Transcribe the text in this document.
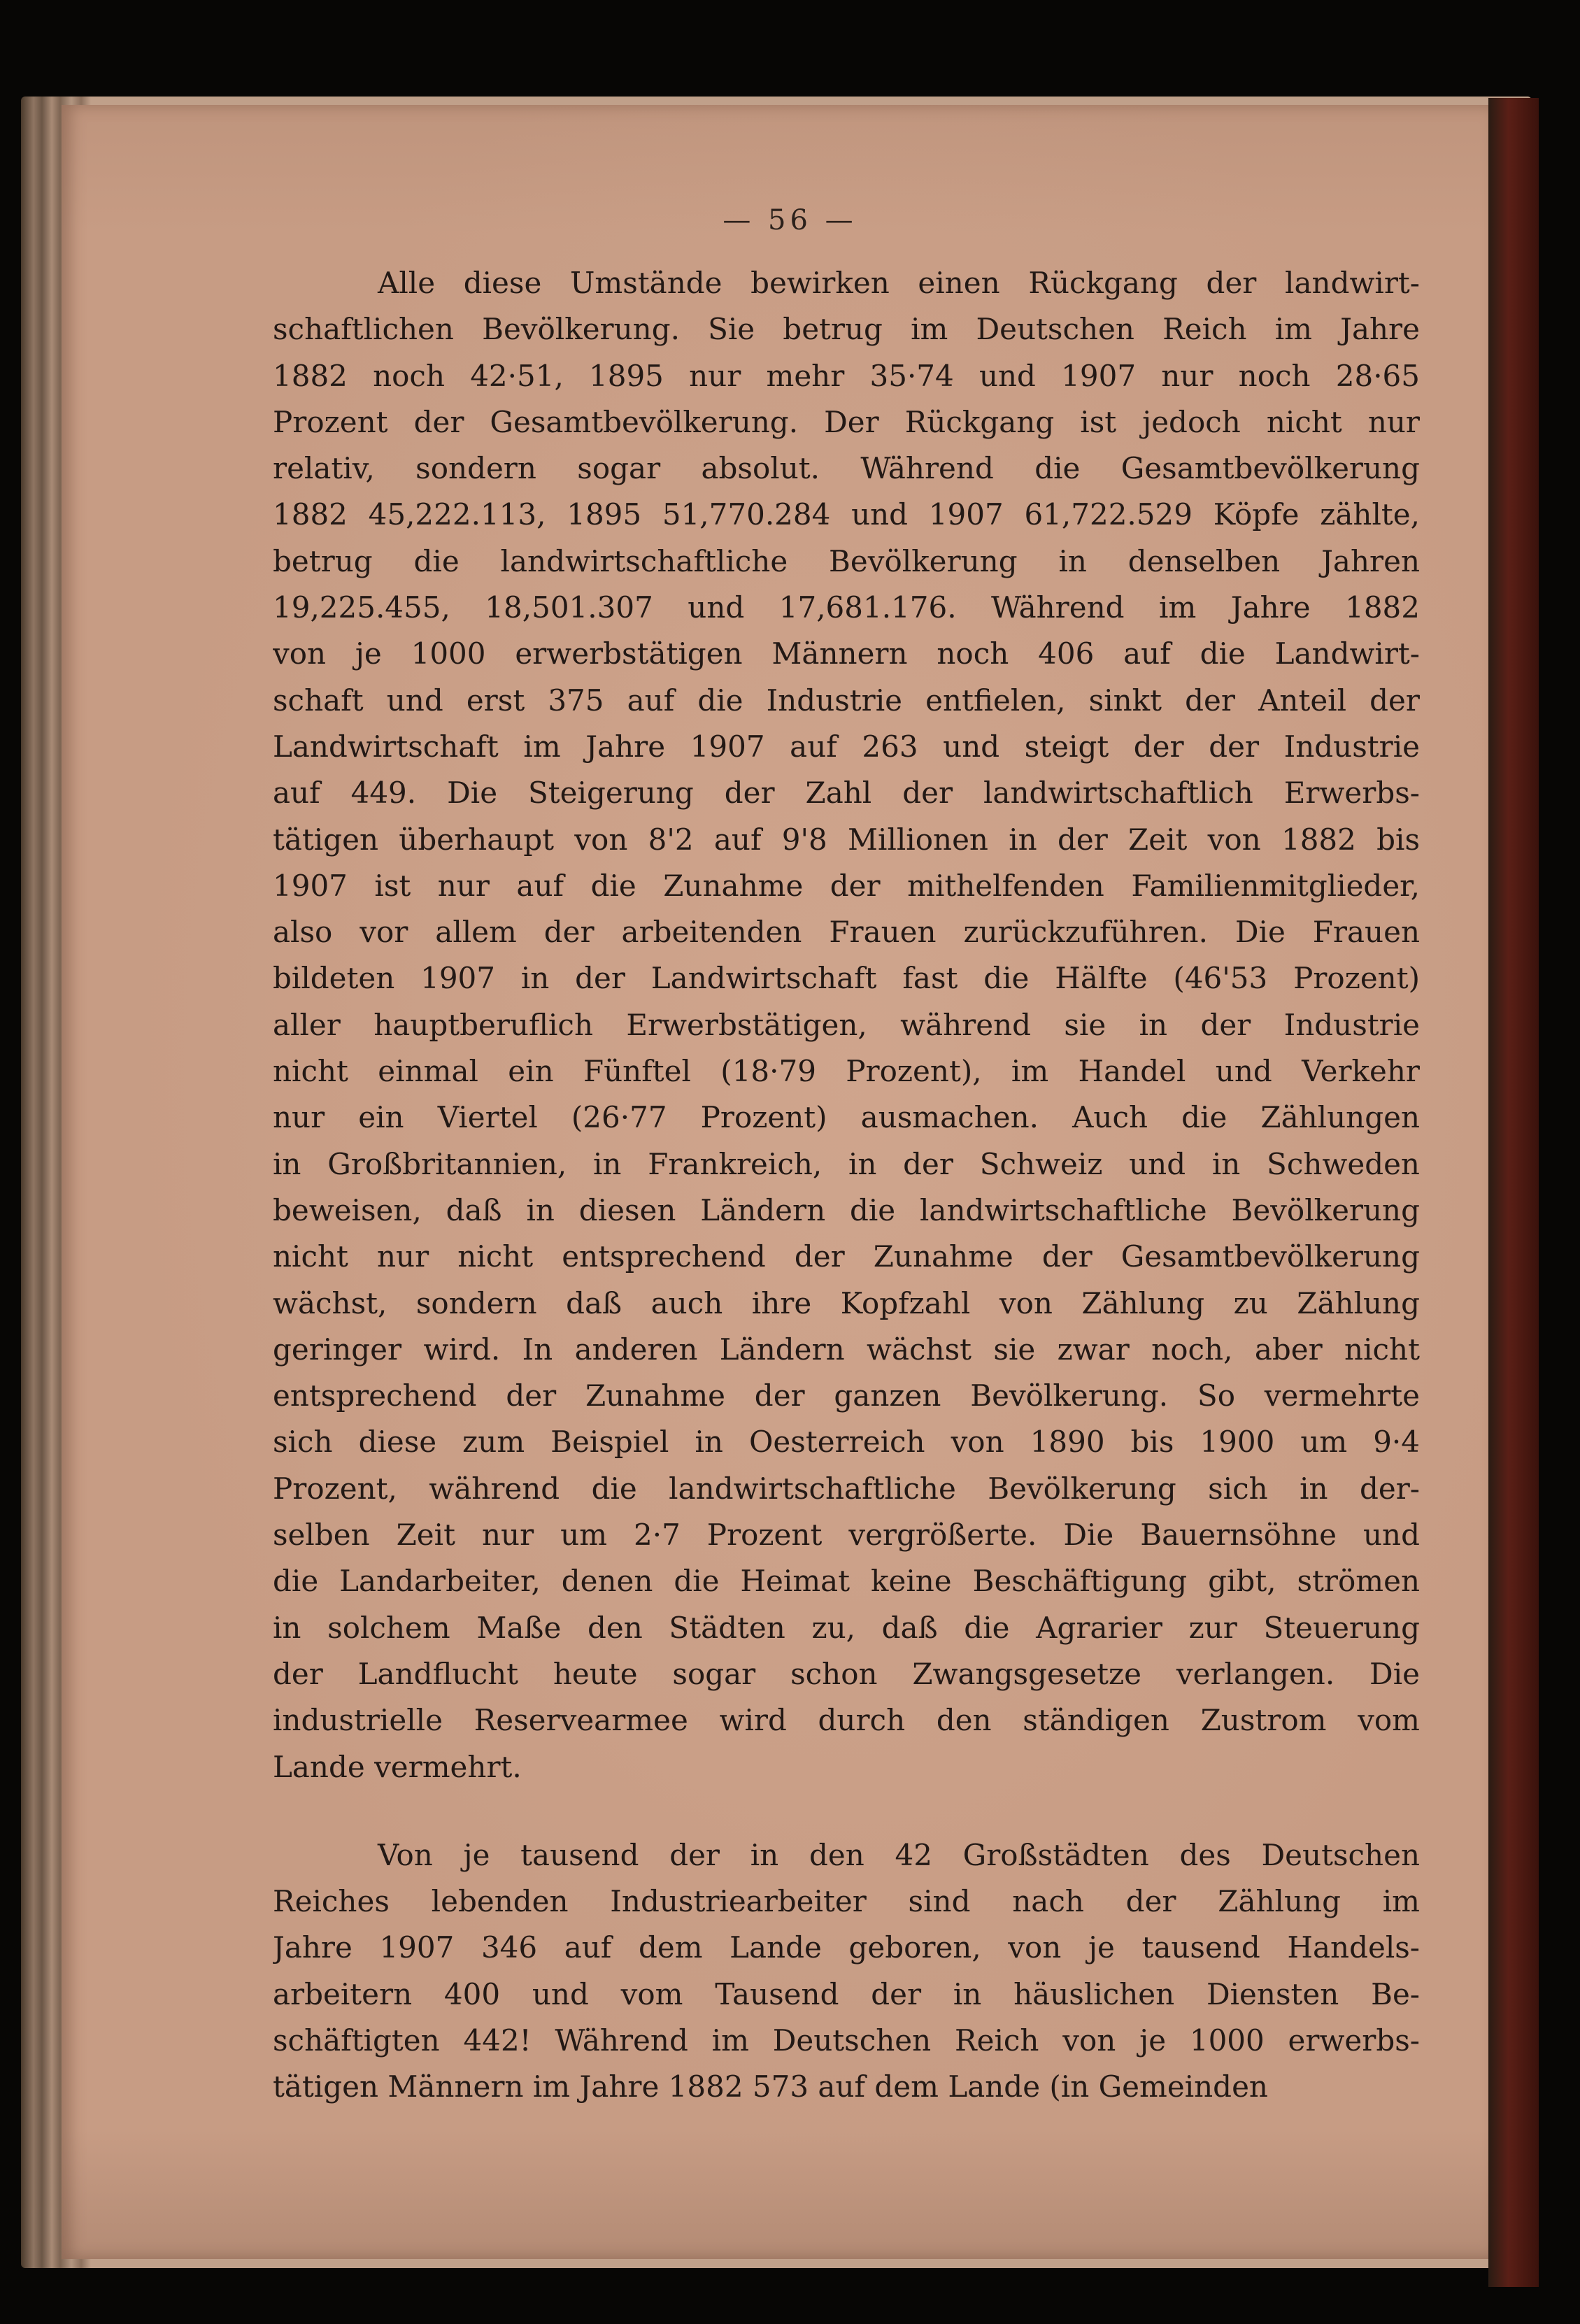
— 56 —
Alle diese Umstände bewirken einen Rückgang der landwirt-
schaftlichen Bevölkerung. Sie betrug im Deutschen Reich im Jahre
1882 noch 42·51, 1895 nur mehr 35·74 und 1907 nur noch 28·65
Prozent der Gesamtbevölkerung. Der Rückgang ist jedoch nicht nur
relativ, sondern sogar absolut. Während die Gesamtbevölkerung
1882 45,222.113, 1895 51,770.284 und 1907 61,722.529 Köpfe zählte,
betrug die landwirtschaftliche Bevölkerung in denselben Jahren
19,225.455, 18,501.307 und 17,681.176. Während im Jahre 1882
von je 1000 erwerbstätigen Männern noch 406 auf die Landwirt-
schaft und erst 375 auf die Industrie entfielen, sinkt der Anteil der
Landwirtschaft im Jahre 1907 auf 263 und steigt der der Industrie
auf 449. Die Steigerung der Zahl der landwirtschaftlich Erwerbs-
tätigen überhaupt von 8'2 auf 9'8 Millionen in der Zeit von 1882 bis
1907 ist nur auf die Zunahme der mithelfenden Familienmitglieder,
also vor allem der arbeitenden Frauen zurückzuführen. Die Frauen
bildeten 1907 in der Landwirtschaft fast die Hälfte (46'53 Prozent)
aller hauptberuflich Erwerbstätigen, während sie in der Industrie
nicht einmal ein Fünftel (18·79 Prozent), im Handel und Verkehr
nur ein Viertel (26·77 Prozent) ausmachen. Auch die Zählungen
in Großbritannien, in Frankreich, in der Schweiz und in Schweden
beweisen, daß in diesen Ländern die landwirtschaftliche Bevölkerung
nicht nur nicht entsprechend der Zunahme der Gesamtbevölkerung
wächst, sondern daß auch ihre Kopfzahl von Zählung zu Zählung
geringer wird. In anderen Ländern wächst sie zwar noch, aber nicht
entsprechend der Zunahme der ganzen Bevölkerung. So vermehrte
sich diese zum Beispiel in Oesterreich von 1890 bis 1900 um 9·4
Prozent, während die landwirtschaftliche Bevölkerung sich in der-
selben Zeit nur um 2·7 Prozent vergrößerte. Die Bauernsöhne und
die Landarbeiter, denen die Heimat keine Beschäftigung gibt, strömen
in solchem Maße den Städten zu, daß die Agrarier zur Steuerung
der Landflucht heute sogar schon Zwangsgesetze verlangen. Die
industrielle Reservearmee wird durch den ständigen Zustrom vom
Lande vermehrt.
Von je tausend der in den 42 Großstädten des Deutschen
Reiches lebenden Industriearbeiter sind nach der Zählung im
Jahre 1907 346 auf dem Lande geboren, von je tausend Handels-
arbeitern 400 und vom Tausend der in häuslichen Diensten Be-
schäftigten 442! Während im Deutschen Reich von je 1000 erwerbs-
tätigen Männern im Jahre 1882 573 auf dem Lande (in Gemeinden
